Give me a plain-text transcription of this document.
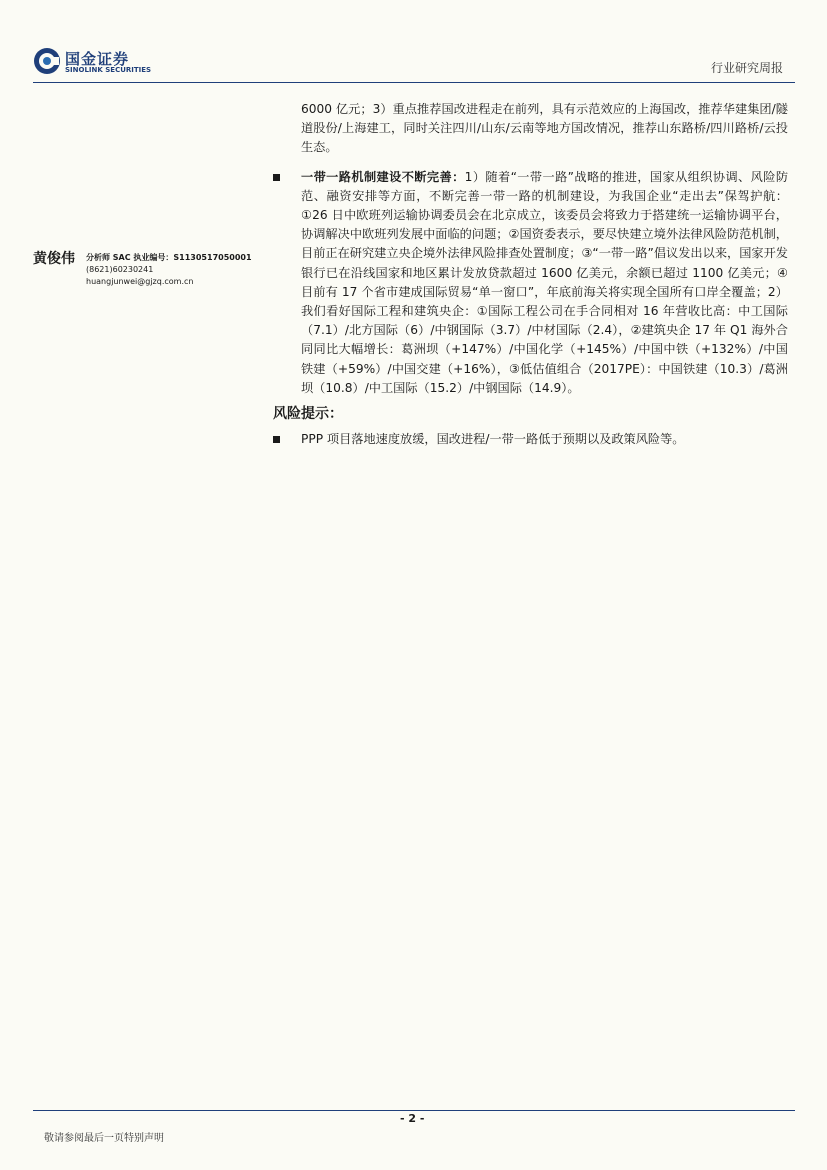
国金证券
SINOLINK SECURITIES	行业研究周报
黄俊伟 分析师 SAC 执业编号：S1130517050001
(8621)60230241
huangjunwei@gjzq.com.cn

6000 亿元；3）重点推荐国改进程走在前列，具有示范效应的上海国改，推荐华建集团/隧道股份/上海建工，同时关注四川/山东/云南等地方国改情况，推荐山东路桥/四川路桥/云投生态。

一带一路机制建设不断完善：1）随着“一带一路”战略的推进，国家从组织协调、风险防范、融资安排等方面，不断完善一带一路的机制建设，为我国企业“走出去”保驾护航：①26 日中欧班列运输协调委员会在北京成立，该委员会将致力于搭建统一运输协调平台，协调解决中欧班列发展中面临的问题；②国资委表示，要尽快建立境外法律风险防范机制，目前正在研究建立央企境外法律风险排查处置制度；③“一带一路”倡议发出以来，国家开发银行已在沿线国家和地区累计发放贷款超过 1600 亿美元，余额已超过 1100 亿美元；④目前有 17 个省市建成国际贸易“单一窗口”，年底前海关将实现全国所有口岸全覆盖；2）我们看好国际工程和建筑央企：①国际工程公司在手合同相对 16 年营收比高：中工国际（7.1）/北方国际（6）/中钢国际（3.7）/中材国际（2.4），②建筑央企 17 年 Q1 海外合同同比大幅增长：葛洲坝（+147%）/中国化学（+145%）/中国中铁（+132%）/中国铁建（+59%）/中国交建（+16%），③低估值组合（2017PE）：中国铁建（10.3）/葛洲坝（10.8）/中工国际（15.2）/中钢国际（14.9）。

风险提示：

PPP 项目落地速度放缓，国改进程/一带一路低于预期以及政策风险等。

- 2 -
敬请参阅最后一页特别声明
